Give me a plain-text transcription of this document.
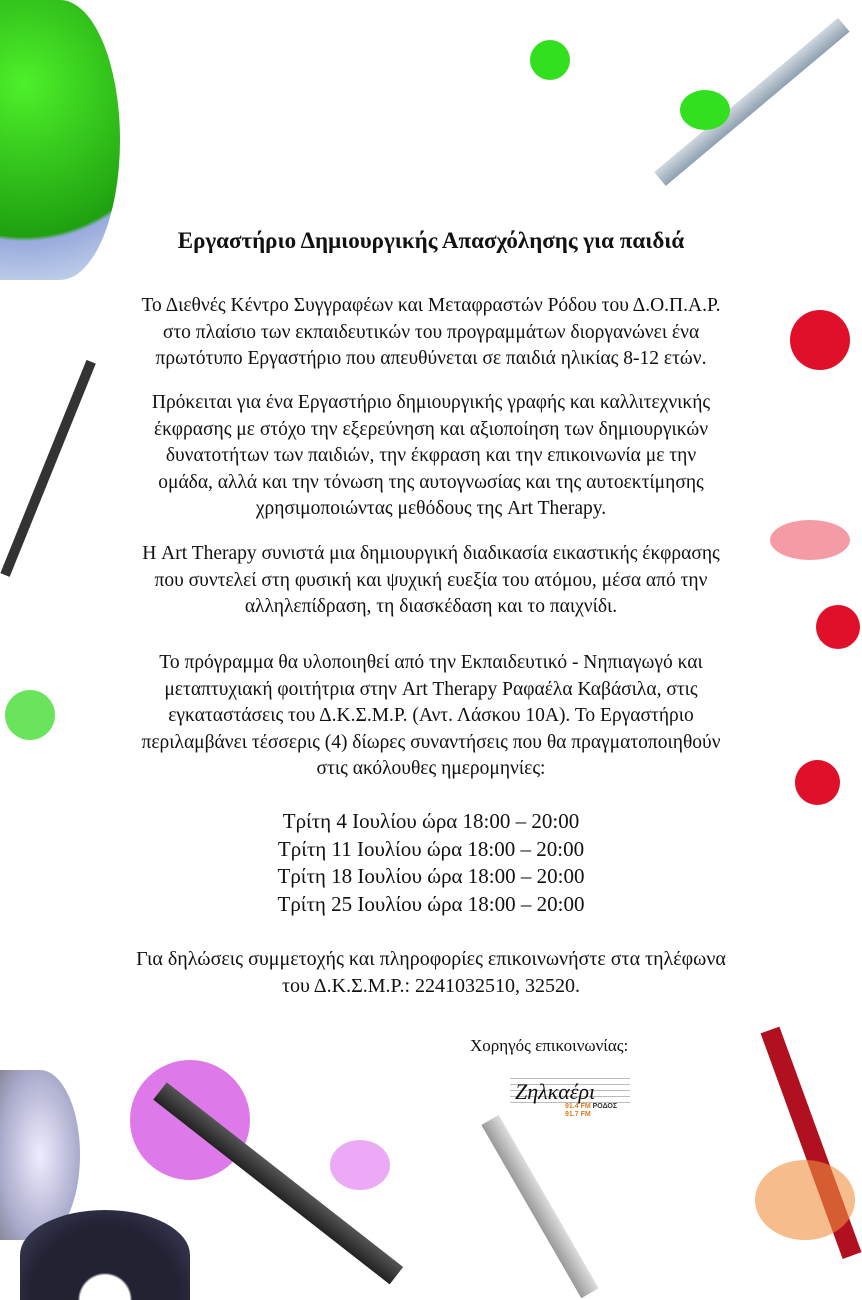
Εργαστήριο Δημιουργικής Απασχόλησης για παιδιά
Το Διεθνές Κέντρο Συγγραφέων και Μεταφραστών Ρόδου του Δ.Ο.Π.Α.Ρ.
στο πλαίσιο των εκπαιδευτικών του προγραμμάτων διοργανώνει ένα
πρωτότυπο Εργαστήριο που απευθύνεται σε παιδιά ηλικίας 8-12 ετών.
Πρόκειται για ένα Εργαστήριο δημιουργικής γραφής και καλλιτεχνικής
έκφρασης με στόχο την εξερεύνηση και αξιοποίηση των δημιουργικών
δυνατοτήτων των παιδιών, την έκφραση και την επικοινωνία με την
ομάδα, αλλά και την τόνωση της αυτογνωσίας και της αυτοεκτίμησης
χρησιμοποιώντας μεθόδους της Art Therapy.
Η Art Therapy συνιστά μια δημιουργική διαδικασία εικαστικής έκφρασης
που συντελεί στη φυσική και ψυχική ευεξία του ατόμου, μέσα από την
αλληλεπίδραση, τη διασκέδαση και το παιχνίδι.
Το πρόγραμμα θα υλοποιηθεί από την Εκπαιδευτικό - Νηπιαγωγό και
μεταπτυχιακή φοιτήτρια στην Art Therapy Ραφαέλα Καβάσιλα, στις
εγκαταστάσεις του Δ.Κ.Σ.Μ.Ρ. (Αντ. Λάσκου 10Α). Το Εργαστήριο
περιλαμβάνει τέσσερις (4) δίωρες συναντήσεις που θα πραγματοποιηθούν
στις ακόλουθες ημερομηνίες:
Τρίτη 4 Ιουλίου ώρα 18:00 – 20:00
Τρίτη 11 Ιουλίου ώρα 18:00 – 20:00
Τρίτη 18 Ιουλίου ώρα 18:00 – 20:00
Τρίτη 25 Ιουλίου ώρα 18:00 – 20:00
Για δηλώσεις συμμετοχής και πληροφορίες επικοινωνήστε στα τηλέφωνα
του Δ.Κ.Σ.Μ.Ρ.: 2241032510, 32520.
Χορηγός επικοινωνίας:
Ζηλκαέρι
91.4 FM ΡΟΔΟΣ
91.7 FM
